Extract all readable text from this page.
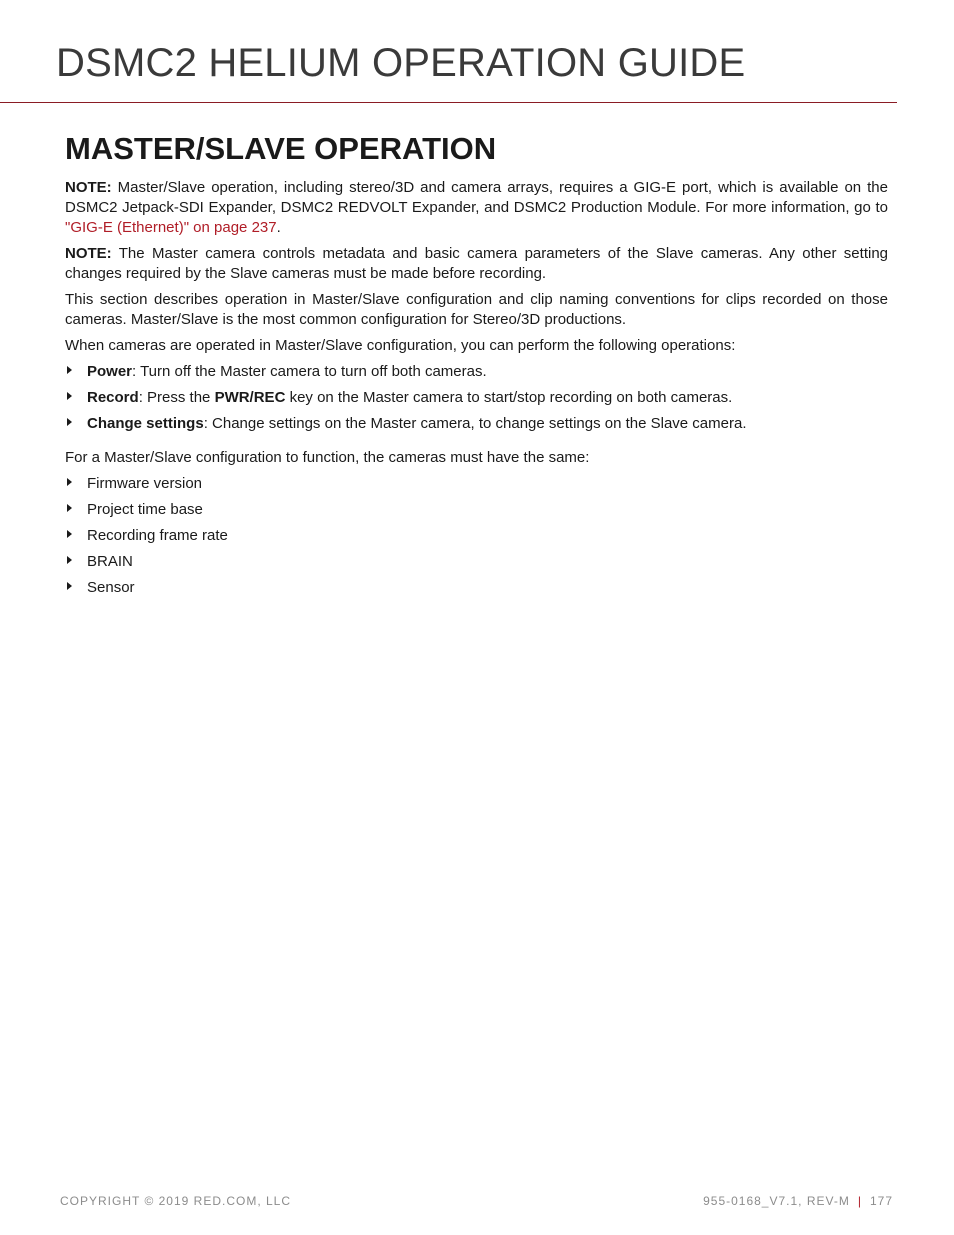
DSMC2 HELIUM OPERATION GUIDE
MASTER/SLAVE OPERATION

NOTE: Master/Slave operation, including stereo/3D and camera arrays, requires a GIG-E port, which is available on the DSMC2 Jetpack-SDI Expander, DSMC2 REDVOLT Expander, and DSMC2 Production Module. For more information, go to "GIG-E (Ethernet)" on page 237.

NOTE: The Master camera controls metadata and basic camera parameters of the Slave cameras. Any other setting changes required by the Slave cameras must be made before recording.

This section describes operation in Master/Slave configuration and clip naming conventions for clips recorded on those cameras. Master/Slave is the most common configuration for Stereo/3D productions.

When cameras are operated in Master/Slave configuration, you can perform the following operations:

Power: Turn off the Master camera to turn off both cameras.
Record: Press the PWR/REC key on the Master camera to start/stop recording on both cameras.
Change settings: Change settings on the Master camera, to change settings on the Slave camera.

For a Master/Slave configuration to function, the cameras must have the same:

Firmware version
Project time base
Recording frame rate
BRAIN
Sensor
COPYRIGHT © 2019 RED.COM, LLC	955-0168_V7.1, REV-M | 177
